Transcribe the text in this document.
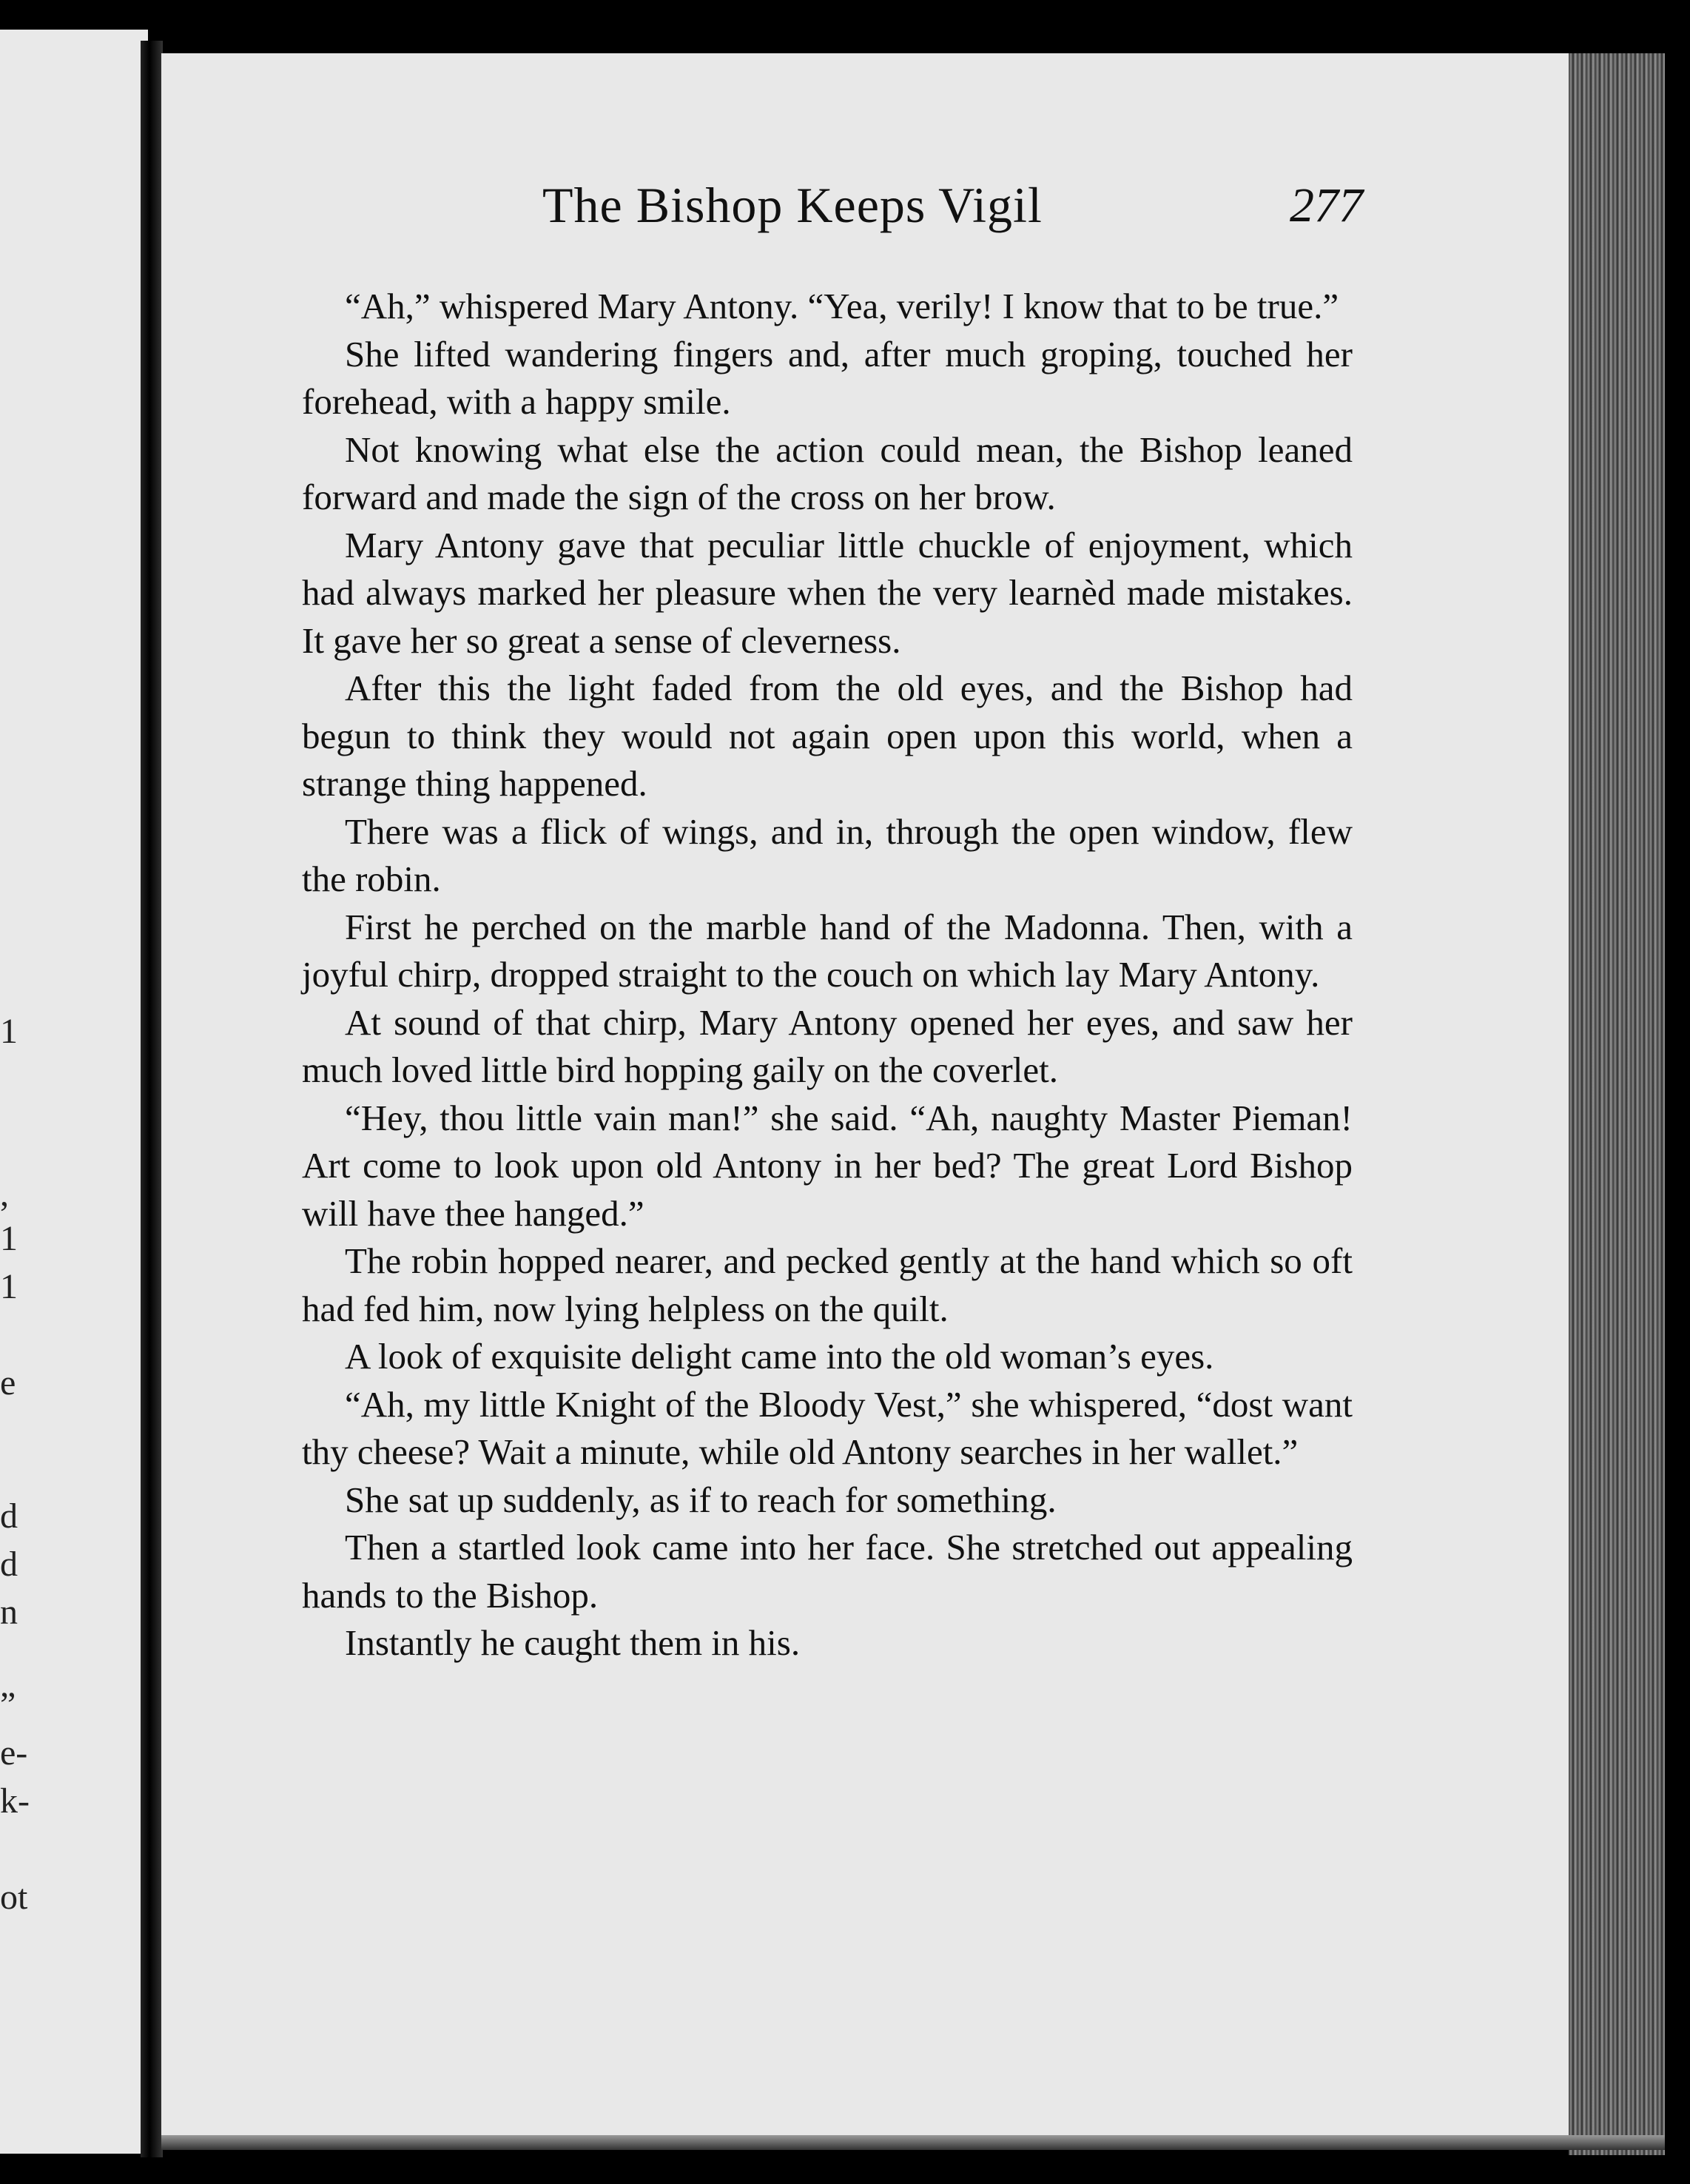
1
,
1
1
e
d
d
n
”
e-
k-
ot
The Bishop Keeps Vigil	277

“Ah,” whispered Mary Antony. “Yea, verily! I know that to be true.”

She lifted wandering fingers and, after much groping, touched her forehead, with a happy smile.

Not knowing what else the action could mean, the Bishop leaned forward and made the sign of the cross on her brow.

Mary Antony gave that peculiar little chuckle of enjoyment, which had always marked her pleasure when the very learnèd made mistakes. It gave her so great a sense of cleverness.

After this the light faded from the old eyes, and the Bishop had begun to think they would not again open upon this world, when a strange thing happened.

There was a flick of wings, and in, through the open window, flew the robin.

First he perched on the marble hand of the Madonna. Then, with a joyful chirp, dropped straight to the couch on which lay Mary Antony.

At sound of that chirp, Mary Antony opened her eyes, and saw her much loved little bird hopping gaily on the coverlet.

“Hey, thou little vain man!” she said. “Ah, naughty Master Pieman! Art come to look upon old Antony in her bed? The great Lord Bishop will have thee hanged.”

The robin hopped nearer, and pecked gently at the hand which so oft had fed him, now lying helpless on the quilt.

A look of exquisite delight came into the old woman’s eyes.

“Ah, my little Knight of the Bloody Vest,” she whispered, “dost want thy cheese? Wait a minute, while old Antony searches in her wallet.”

She sat up suddenly, as if to reach for something.

Then a startled look came into her face. She stretched out appealing hands to the Bishop.

Instantly he caught them in his.
